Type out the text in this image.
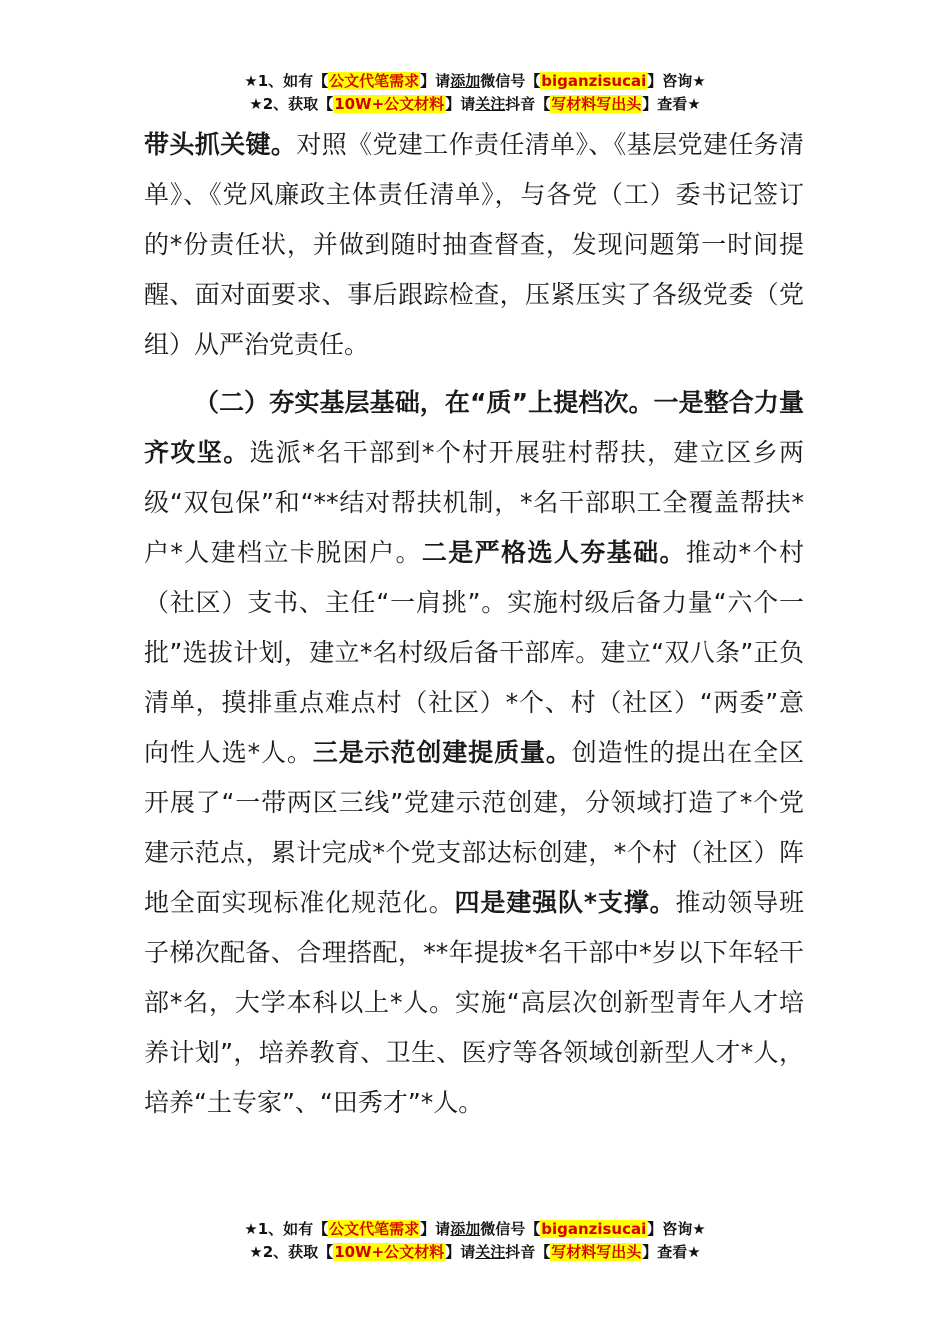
★1、如有【公文代笔需求】请添加微信号【biganzisucai】咨询★
★2、获取【10W+公文材料】请关注抖音【写材料写出头】查看★

带头抓关键。对照《党建工作责任清单》、《基层党建任务清单》、《党风廉政主体责任清单》，与各党（工）委书记签订的*份责任状，并做到随时抽查督查，发现问题第一时间提醒、面对面要求、事后跟踪检查，压紧压实了各级党委（党组）从严治党责任。

（二）夯实基层基础，在“质”上提档次。一是整合力量齐攻坚。选派*名干部到*个村开展驻村帮扶，建立区乡两级“双包保”和“**结对帮扶机制，*名干部职工全覆盖帮扶*户*人建档立卡脱困户。二是严格选人夯基础。推动*个村（社区）支书、主任“一肩挑”。实施村级后备力量“六个一批”选拔计划，建立*名村级后备干部库。建立“双八条”正负清单，摸排重点难点村（社区）*个、村（社区）“两委”意向性人选*人。三是示范创建提质量。创造性的提出在全区开展了“一带两区三线”党建示范创建，分领域打造了*个党建示范点，累计完成*个党支部达标创建，*个村（社区）阵地全面实现标准化规范化。四是建强队*支撑。推动领导班子梯次配备、合理搭配，**年提拔*名干部中*岁以下年轻干部*名，大学本科以上*人。实施“高层次创新型青年人才培养计划”，培养教育、卫生、医疗等各领域创新型人才*人，培养“土专家”、“田秀才”*人。

★1、如有【公文代笔需求】请添加微信号【biganzisucai】咨询★
★2、获取【10W+公文材料】请关注抖音【写材料写出头】查看★
